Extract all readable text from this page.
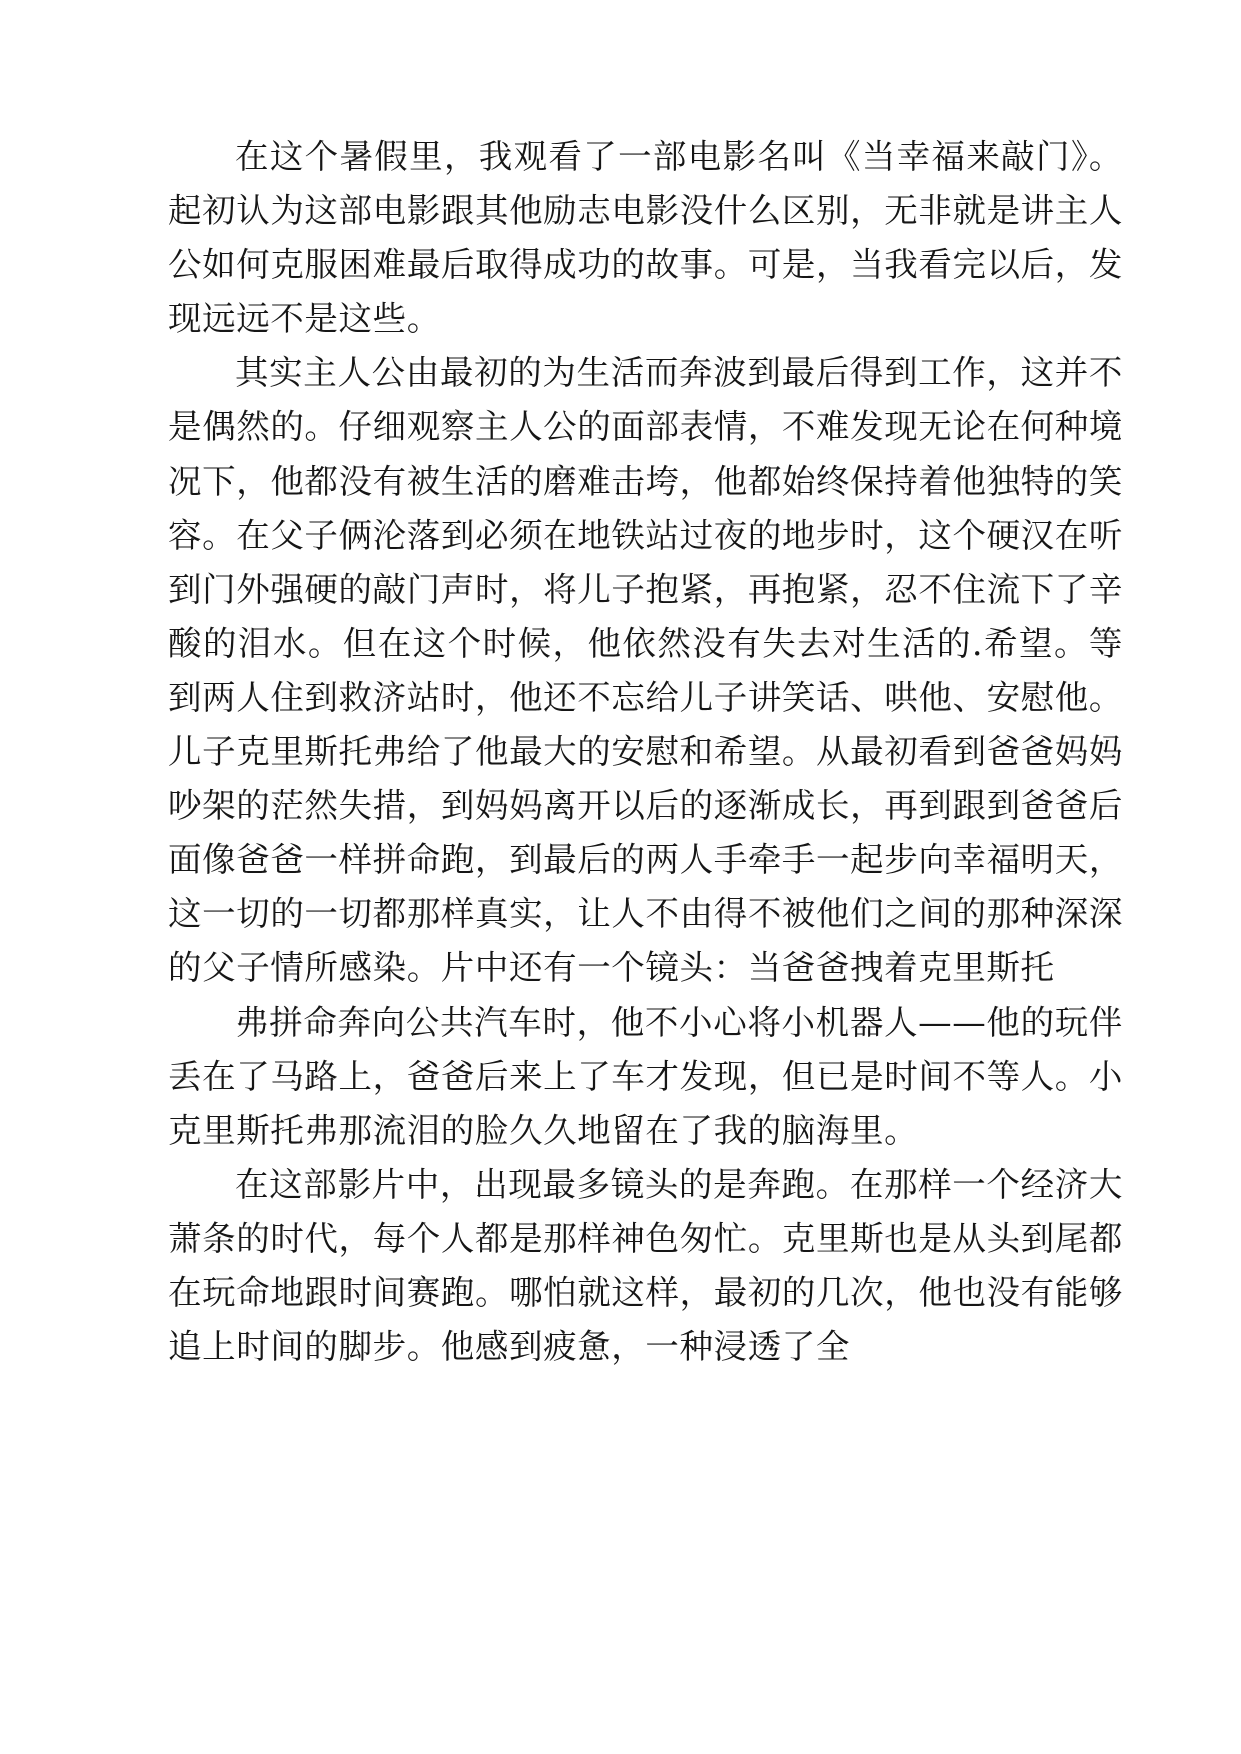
在这个暑假里，我观看了一部电影名叫《当幸福来敲门》。起初认为这部电影跟其他励志电影没什么区别，无非就是讲主人公如何克服困难最后取得成功的故事。可是，当我看完以后，发现远远不是这些。

其实主人公由最初的为生活而奔波到最后得到工作，这并不是偶然的。仔细观察主人公的面部表情，不难发现无论在何种境况下，他都没有被生活的磨难击垮，他都始终保持着他独特的笑容。在父子俩沦落到必须在地铁站过夜的地步时，这个硬汉在听到门外强硬的敲门声时，将儿子抱紧，再抱紧，忍不住流下了辛酸的泪水。但在这个时候，他依然没有失去对生活的.希望。等到两人住到救济站时，他还不忘给儿子讲笑话、哄他、安慰他。儿子克里斯托弗给了他最大的安慰和希望。从最初看到爸爸妈妈吵架的茫然失措，到妈妈离开以后的逐渐成长，再到跟到爸爸后面像爸爸一样拼命跑，到最后的两人手牵手一起步向幸福明天，这一切的一切都那样真实，让人不由得不被他们之间的那种深深的父子情所感染。片中还有一个镜头：当爸爸拽着克里斯托

弗拼命奔向公共汽车时，他不小心将小机器人——他的玩伴丢在了马路上，爸爸后来上了车才发现，但已是时间不等人。小克里斯托弗那流泪的脸久久地留在了我的脑海里。

在这部影片中，出现最多镜头的是奔跑。在那样一个经济大萧条的时代，每个人都是那样神色匆忙。克里斯也是从头到尾都在玩命地跟时间赛跑。哪怕就这样，最初的几次，他也没有能够追上时间的脚步。他感到疲惫，一种浸透了全
